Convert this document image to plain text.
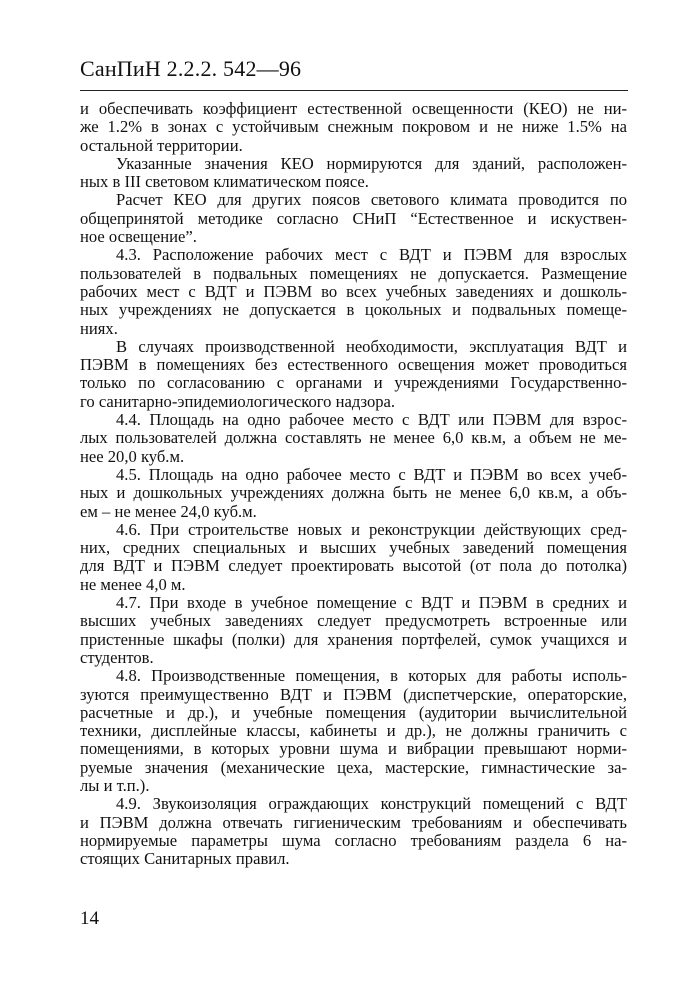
СанПиН 2.2.2. 542—96
и обеспечивать коэффициент естественной освещенности (КЕО) не ни-
же 1.2% в зонах с устойчивым снежным покровом и не ниже 1.5% на
остальной территории.
Указанные значения КЕО нормируются для зданий, расположен-
ных в III световом климатическом поясе.
Расчет КЕО для других поясов светового климата проводится по
общепринятой методике согласно СНиП “Естественное и искуствен-
ное освещение”.
4.3. Расположение рабочих мест с ВДТ и ПЭВМ для взрослых
пользователей в подвальных помещениях не допускается. Размещение
рабочих мест с ВДТ и ПЭВМ во всех учебных заведениях и дошколь-
ных учреждениях не допускается в цокольных и подвальных помеще-
ниях.
В случаях производственной необходимости, эксплуатация ВДТ и
ПЭВМ в помещениях без естественного освещения может проводиться
только по согласованию с органами и учреждениями Государственно-
го санитарно-эпидемиологического надзора.
4.4. Площадь на одно рабочее место с ВДТ или ПЭВМ для взрос-
лых пользователей должна составлять не менее 6,0 кв.м, а объем не ме-
нее 20,0 куб.м.
4.5. Площадь на одно рабочее место с ВДТ и ПЭВМ во всех учеб-
ных и дошкольных учреждениях должна быть не менее 6,0 кв.м, а объ-
ем – не менее 24,0 куб.м.
4.6. При строительстве новых и реконструкции действующих сред-
них, средних специальных и высших учебных заведений помещения
для ВДТ и ПЭВМ следует проектировать высотой (от пола до потолка)
не менее 4,0 м.
4.7. При входе в учебное помещение с ВДТ и ПЭВМ в средних и
высших учебных заведениях следует предусмотреть встроенные или
пристенные шкафы (полки) для хранения портфелей, сумок учащихся и
студентов.
4.8. Производственные помещения, в которых для работы исполь-
зуются преимущественно ВДТ и ПЭВМ (диспетчерские, операторские,
расчетные и др.), и учебные помещения (аудитории вычислительной
техники, дисплейные классы, кабинеты и др.), не должны граничить с
помещениями, в которых уровни шума и вибрации превышают норми-
руемые значения (механические цеха, мастерские, гимнастические за-
лы и т.п.).
4.9. Звукоизоляция ограждающих конструкций помещений с ВДТ
и ПЭВМ должна отвечать гигиеническим требованиям и обеспечивать
нормируемые параметры шума согласно требованиям раздела 6 на-
стоящих Санитарных правил.
14
